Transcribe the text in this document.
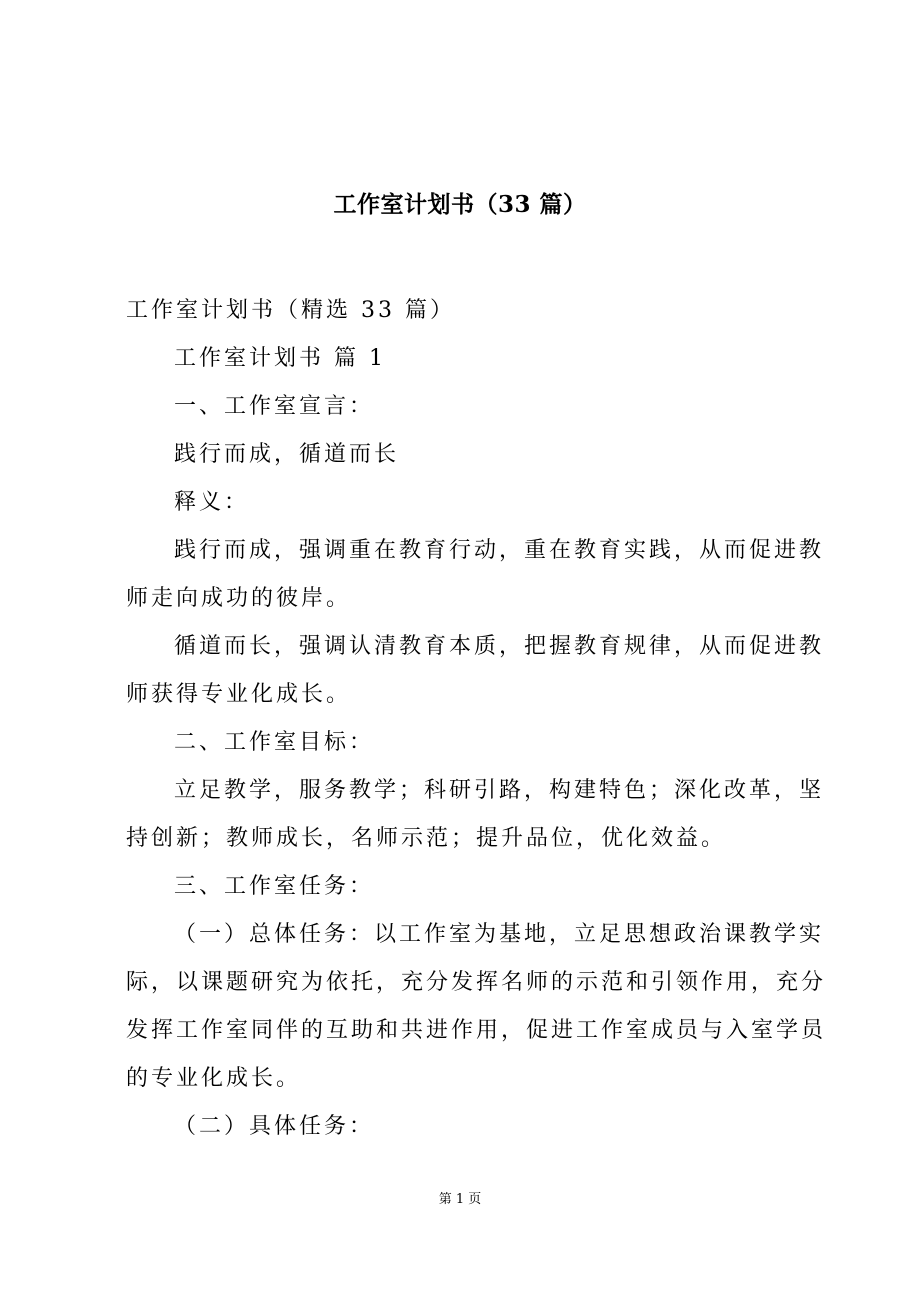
工作室计划书（33 篇）
工作室计划书（精选 33 篇）
工作室计划书 篇 1
一、工作室宣言：
践行而成，循道而长
释义：
践行而成，强调重在教育行动，重在教育实践，从而促进教
师走向成功的彼岸。
循道而长，强调认清教育本质，把握教育规律，从而促进教
师获得专业化成长。
二、工作室目标：
立足教学，服务教学；科研引路，构建特色；深化改革，坚
持创新；教师成长，名师示范；提升品位，优化效益。
三、工作室任务：
（一）总体任务：以工作室为基地，立足思想政治课教学实
际，以课题研究为依托，充分发挥名师的示范和引领作用，充分
发挥工作室同伴的互助和共进作用，促进工作室成员与入室学员
的专业化成长。
（二）具体任务：
第 1 页
